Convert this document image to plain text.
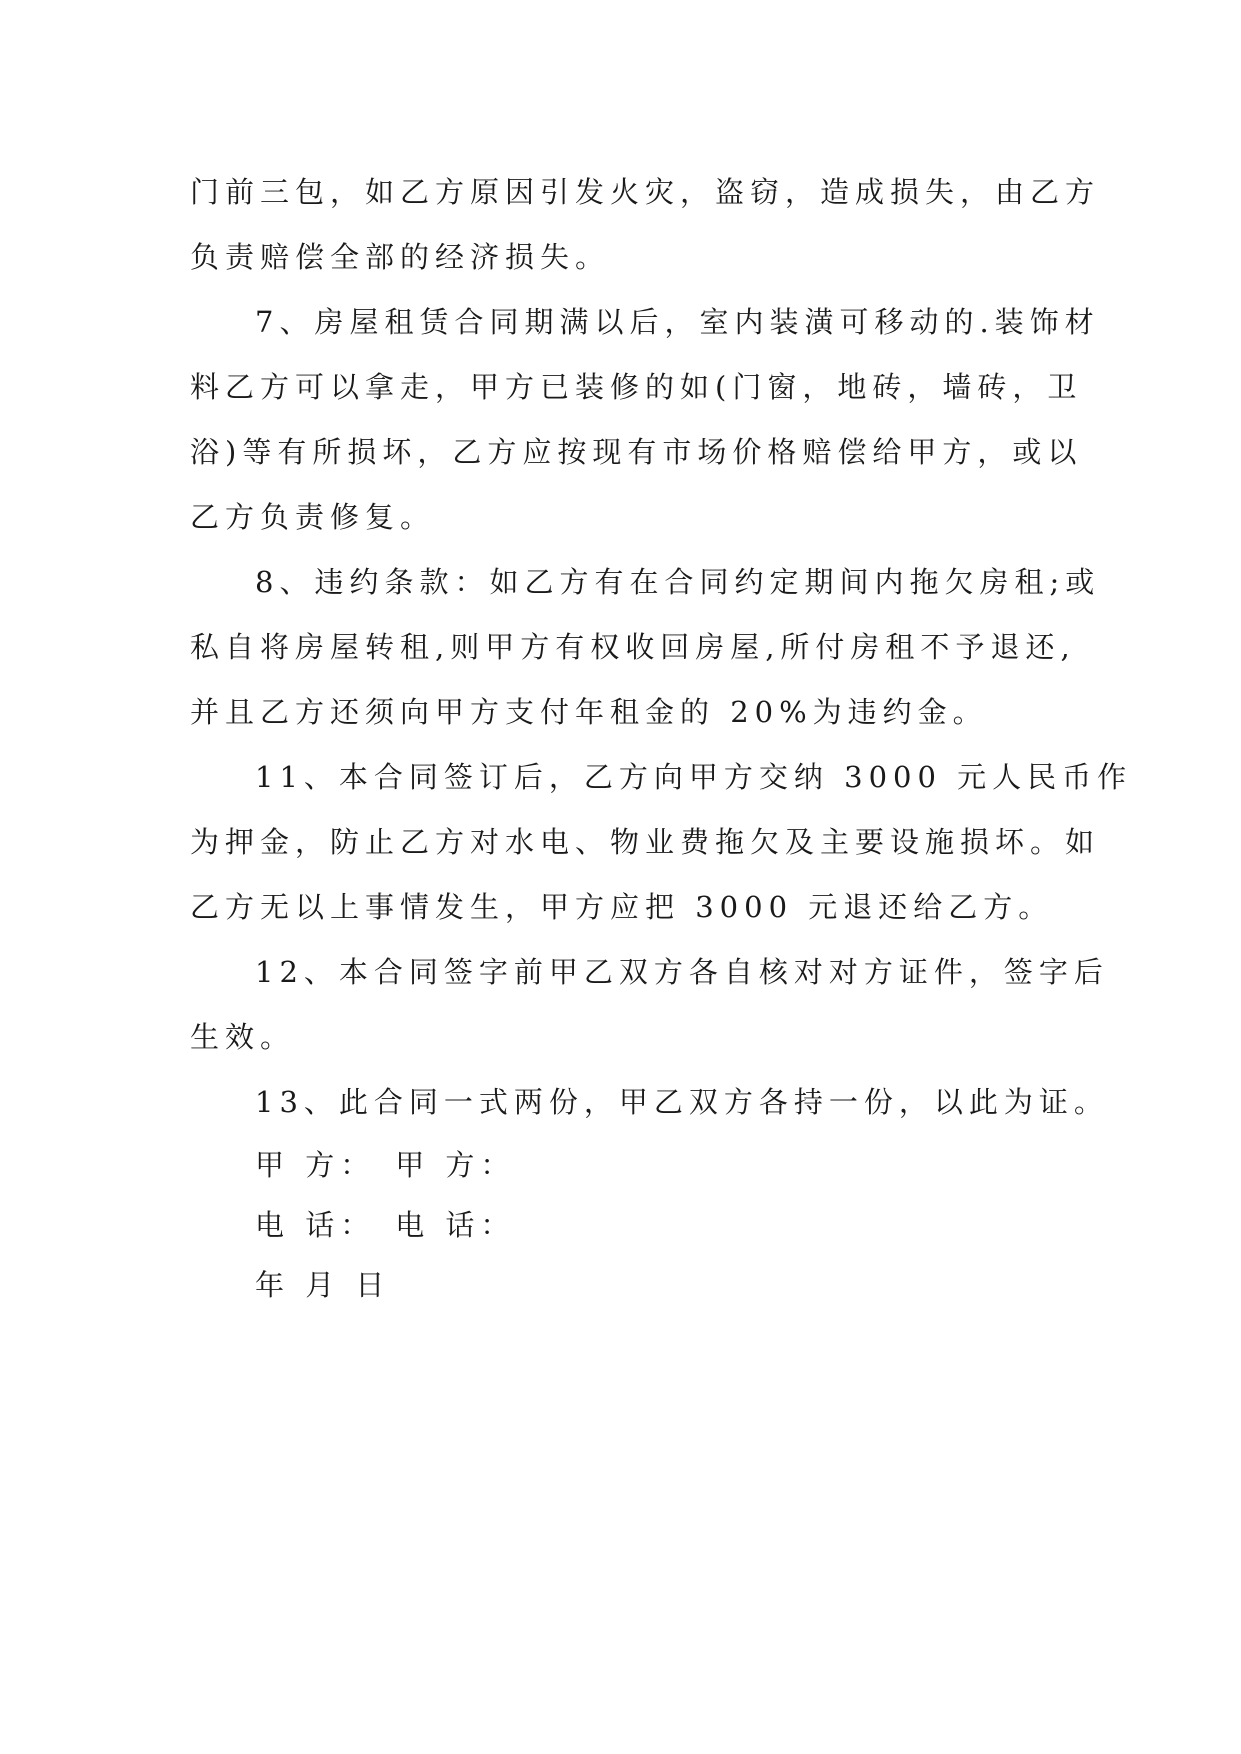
门前三包，如乙方原因引发火灾，盗窃，造成损失，由乙方
负责赔偿全部的经济损失。
7、房屋租赁合同期满以后，室内装潢可移动的.装饰材
料乙方可以拿走，甲方已装修的如(门窗，地砖，墙砖，卫
浴)等有所损坏，乙方应按现有市场价格赔偿给甲方，或以
乙方负责修复。
8、违约条款：如乙方有在合同约定期间内拖欠房租;或
私自将房屋转租,则甲方有权收回房屋,所付房租不予退还,
并且乙方还须向甲方支付年租金的 20%为违约金。
11、本合同签订后，乙方向甲方交纳 3000 元人民币作
为押金，防止乙方对水电、物业费拖欠及主要设施损坏。如
乙方无以上事情发生，甲方应把 3000 元退还给乙方。
12、本合同签字前甲乙双方各自核对对方证件，签字后
生效。
13、此合同一式两份，甲乙双方各持一份，以此为证。
甲 方： 甲 方：
电 话： 电 话：
年 月 日
